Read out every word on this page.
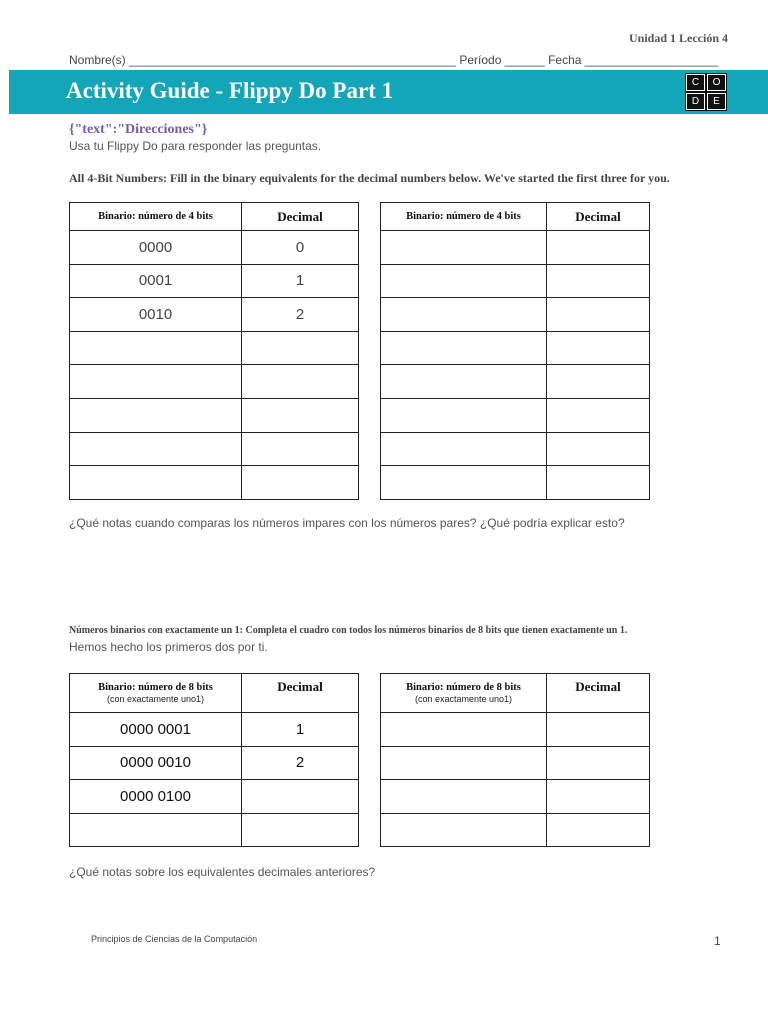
Unidad 1 Lección 4
Nombre(s) _________________________________________________ Período ______ Fecha ____________________
Activity Guide - Flippy Do Part 1	C	O
D	E
{"text":"Direcciones"}
Usa tu Flippy Do para responder las preguntas.
All 4-Bit Numbers: Fill in the binary equivalents for the decimal numbers below. We've started the first three for you.
Binario: número de 4 bits	Decimal
0000	0
0001	1
0010	2

Binario: número de 4 bits	Decimal

¿Qué notas cuando comparas los números impares con los números pares? ¿Qué podría explicar esto?
Números binarios con exactamente un 1: Completa el cuadro con todos los números binarios de 8 bits que tienen exactamente un 1.
Hemos hecho los primeros dos por ti.
Binario: número de 8 bits
(con exactamente uno1)	Decimal
0000 0001	1
0000 0010	2
0000 0100	

Binario: número de 8 bits
(con exactamente uno1)	Decimal

¿Qué notas sobre los equivalentes decimales anteriores?
Principios de Ciencias de la Computación	1
